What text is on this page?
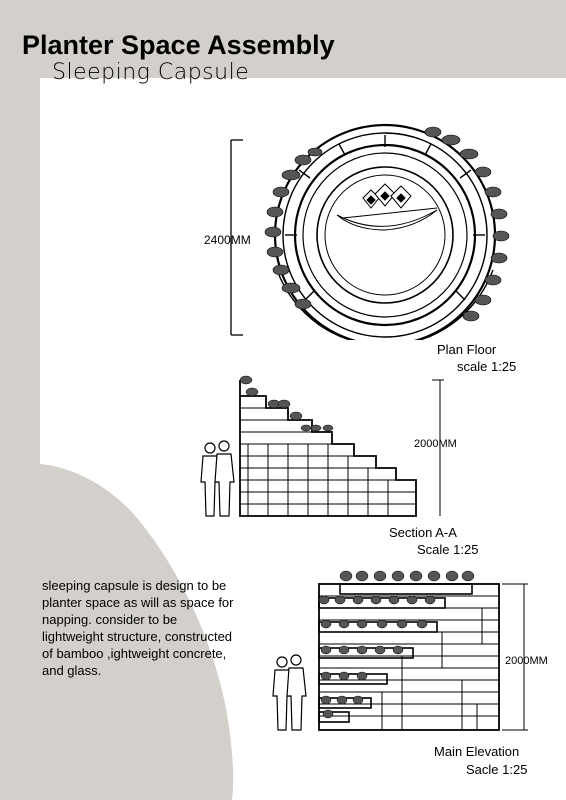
Planter Space Assembly
Sleeping Capsule
2400MM
Plan Floor
scale 1:25
2000MM
Section A-A
Scale 1:25
2000MM
Main Elevation
Sacle 1:25
sleeping capsule is design to be planter space as will as space for napping. consider to be lightweight structure, constructed of bamboo ,ightweight concrete, and glass.
